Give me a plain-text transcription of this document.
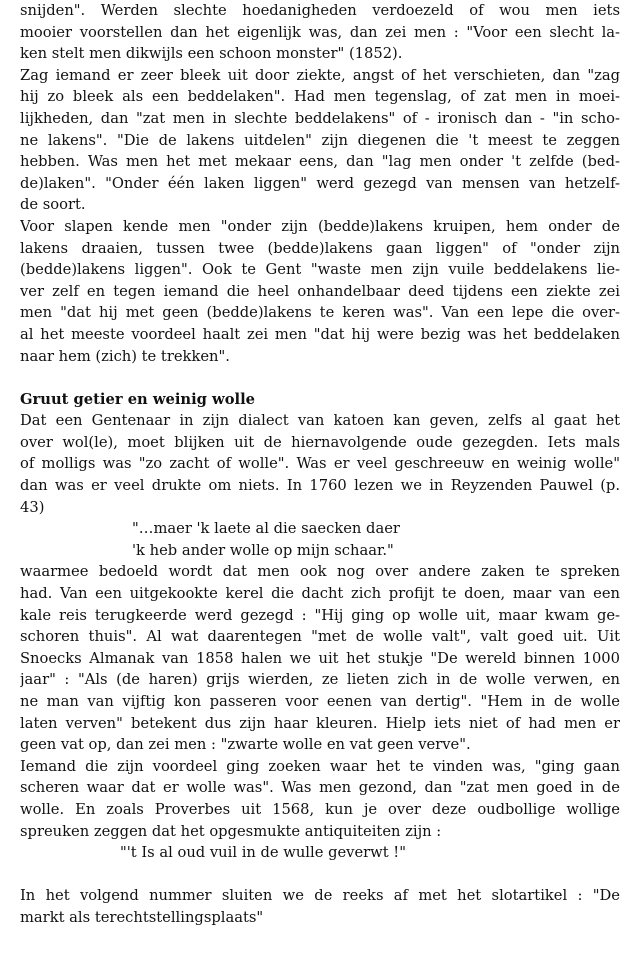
snijden". Werden slechte hoedanigheden verdoezeld of wou men iets
mooier voorstellen dan het eigenlijk was, dan zei men : "Voor een slecht la-
ken stelt men dikwijls een schoon monster" (1852).
Zag iemand er zeer bleek uit door ziekte, angst of het verschieten, dan "zag
hij zo bleek als een beddelaken". Had men tegenslag, of zat men in moei-
lijkheden, dan "zat men in slechte beddelakens" of - ironisch dan - "in scho-
ne lakens". "Die de lakens uitdelen" zijn diegenen die 't meest te zeggen
hebben. Was men het met mekaar eens, dan "lag men onder 't zelfde (bed-
de)laken". "Onder één laken liggen" werd gezegd van mensen van hetzelf-
de soort.
Voor slapen kende men "onder zijn (bedde)lakens kruipen, hem onder de
lakens draaien, tussen twee (bedde)lakens gaan liggen" of "onder zijn
(bedde)lakens liggen". Ook te Gent "waste men zijn vuile beddelakens lie-
ver zelf en tegen iemand die heel onhandelbaar deed tijdens een ziekte zei
men "dat hij met geen (bedde)lakens te keren was". Van een lepe die over-
al het meeste voordeel haalt zei men "dat hij were bezig was het beddelaken
naar hem (zich) te trekken".
Gruut getier en weinig wolle
Dat een Gentenaar in zijn dialect van katoen kan geven, zelfs al gaat het
over wol(le), moet blijken uit de hiernavolgende oude gezegden. Iets mals
of molligs was "zo zacht of wolle". Was er veel geschreeuw en weinig wolle"
dan was er veel drukte om niets. In 1760 lezen we in Reyzenden Pauwel (p.
43)
"…maer 'k laete al die saecken daer
'k heb ander wolle op mijn schaar."
waarmee bedoeld wordt dat men ook nog over andere zaken te spreken
had. Van een uitgekookte kerel die dacht zich profijt te doen, maar van een
kale reis terugkeerde werd gezegd : "Hij ging op wolle uit, maar kwam ge-
schoren thuis". Al wat daarentegen "met de wolle valt", valt goed uit. Uit
Snoecks Almanak van 1858 halen we uit het stukje "De wereld binnen 1000
jaar" : "Als (de haren) grijs wierden, ze lieten zich in de wolle verwen, en
ne man van vijftig kon passeren voor eenen van dertig". "Hem in de wolle
laten verven" betekent dus zijn haar kleuren. Hielp iets niet of had men er
geen vat op, dan zei men : "zwarte wolle en vat geen verve".
Iemand die zijn voordeel ging zoeken waar het te vinden was, "ging gaan
scheren waar dat er wolle was". Was men gezond, dan "zat men goed in de
wolle. En zoals Proverbes uit 1568, kun je over deze oudbollige wollige
spreuken zeggen dat het opgesmukte antiquiteiten zijn :
"'t Is al oud vuil in de wulle geverwt !"
In het volgend nummer sluiten we de reeks af met het slotartikel : "De
markt als terechtstellingsplaats"
